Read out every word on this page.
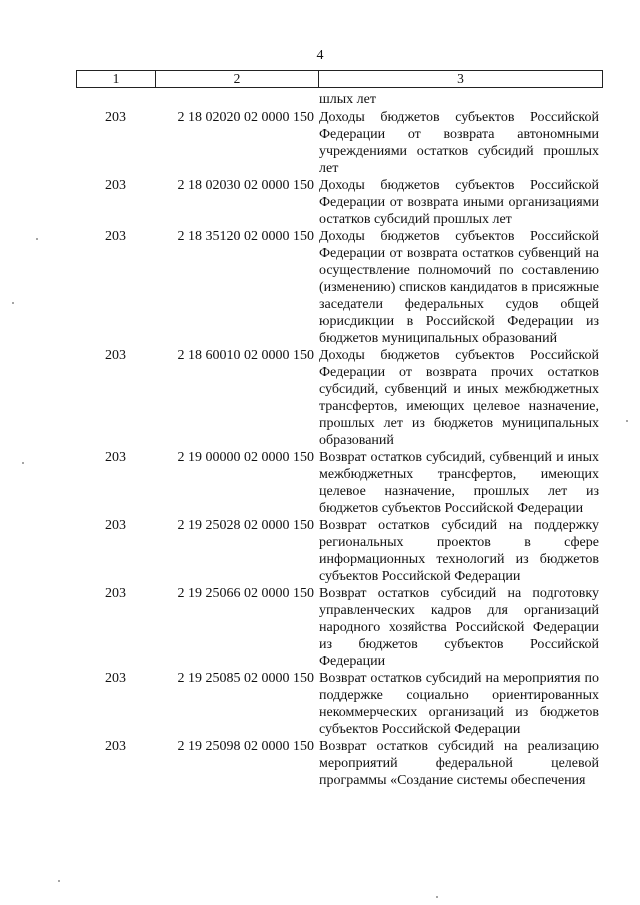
4
1	2	3
шлых лет
203	2 18 02020 02 0000 150 Доходы бюджетов субъектов Российской Федерации от возврата автономными учреждениями остатков субсидий прошлых лет
203	2 18 02030 02 0000 150 Доходы бюджетов субъектов Российской Федерации от возврата иными организациями остатков субсидий прошлых лет
203	2 18 35120 02 0000 150 Доходы бюджетов субъектов Российской Федерации от возврата остатков субвенций на осуществление полномочий по составлению (изменению) списков кандидатов в присяжные заседатели федеральных судов общей юрисдикции в Российской Федерации из бюджетов муниципальных образований
203	2 18 60010 02 0000 150 Доходы бюджетов субъектов Российской Федерации от возврата прочих остатков субсидий, субвенций и иных межбюджетных трансфертов, имеющих целевое назначение, прошлых лет из бюджетов муниципальных образований
203	2 19 00000 02 0000 150 Возврат остатков субсидий, субвенций и иных межбюджетных трансфертов, имеющих целевое назначение, прошлых лет из бюджетов субъектов Российской Федерации
203	2 19 25028 02 0000 150 Возврат остатков субсидий на поддержку региональных проектов в сфере информационных технологий из бюджетов субъектов Российской Федерации
203	2 19 25066 02 0000 150 Возврат остатков субсидий на подготовку управленческих кадров для организаций народного хозяйства Российской Федерации из бюджетов субъектов Российской Федерации
203	2 19 25085 02 0000 150 Возврат остатков субсидий на мероприятия по поддержке социально ориентированных некоммерческих организаций из бюджетов субъектов Российской Федерации
203	2 19 25098 02 0000 150 Возврат остатков субсидий на реализацию мероприятий федеральной целевой программы «Создание системы обеспечения
